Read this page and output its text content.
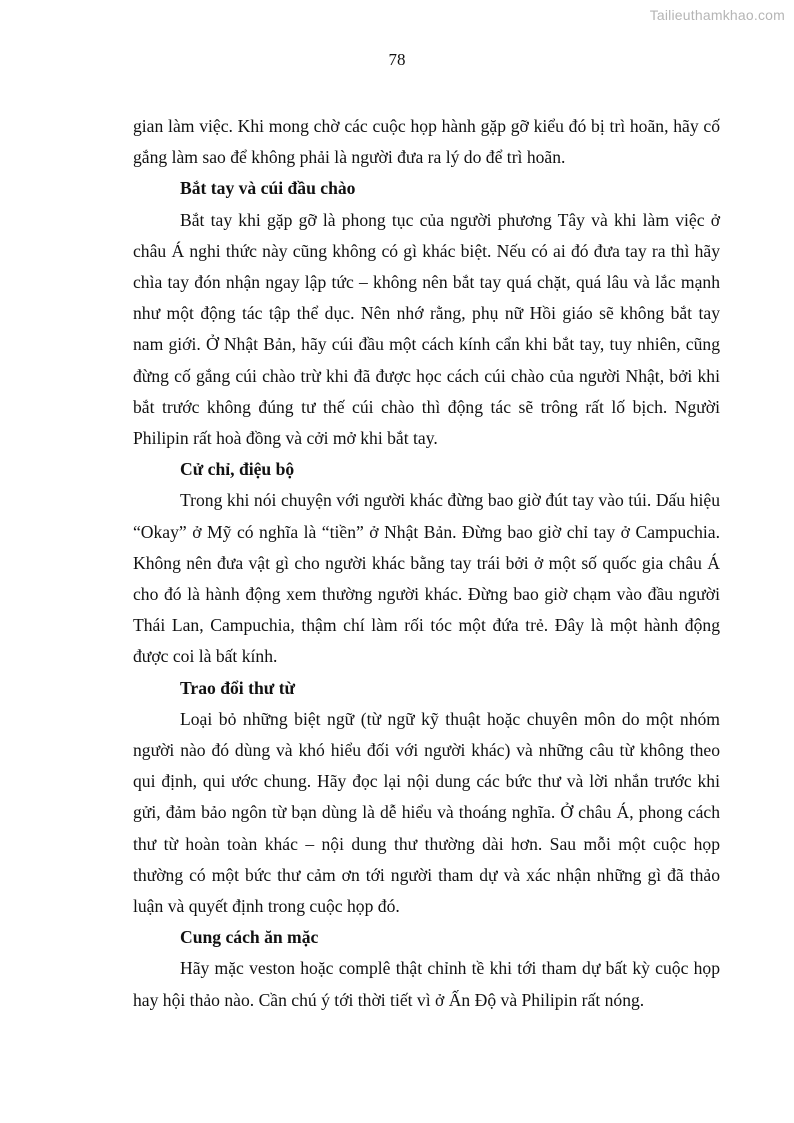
Tailieuthamkhao.com
78

gian làm việc. Khi mong chờ các cuộc họp hành gặp gỡ kiểu đó bị trì hoãn, hãy cố gắng làm sao để không phải là người đưa ra lý do để trì hoãn.

Bắt tay và cúi đầu chào

Bắt tay khi gặp gỡ là phong tục của người phương Tây và khi làm việc ở châu Á nghi thức này cũng không có gì khác biệt. Nếu có ai đó đưa tay ra thì hãy chìa tay đón nhận ngay lập tức – không nên bắt tay quá chặt, quá lâu và lắc mạnh như một động tác tập thể dục. Nên nhớ rằng, phụ nữ Hồi giáo sẽ không bắt tay nam giới. Ở Nhật Bản, hãy cúi đầu một cách kính cẩn khi bắt tay, tuy nhiên, cũng đừng cố gắng cúi chào trừ khi đã được học cách cúi chào của người Nhật, bởi khi bắt trước không đúng tư thế cúi chào thì động tác sẽ trông rất lố bịch. Người Philipin rất hoà đồng và cởi mở khi bắt tay.

Cử chỉ, điệu bộ

Trong khi nói chuyện với người khác đừng bao giờ đút tay vào túi. Dấu hiệu “Okay” ở Mỹ có nghĩa là “tiền” ở Nhật Bản. Đừng bao giờ chỉ tay ở Campuchia. Không nên đưa vật gì cho người khác bằng tay trái bởi ở một số quốc gia châu Á cho đó là hành động xem thường người khác. Đừng bao giờ chạm vào đầu người Thái Lan, Campuchia, thậm chí làm rối tóc một đứa trẻ. Đây là một hành động được coi là bất kính.

Trao đổi thư từ

Loại bỏ những biệt ngữ (từ ngữ kỹ thuật hoặc chuyên môn do một nhóm người nào đó dùng và khó hiểu đối với người khác) và những câu từ không theo qui định, qui ước chung. Hãy đọc lại nội dung các bức thư và lời nhắn trước khi gửi, đảm bảo ngôn từ bạn dùng là dễ hiểu và thoáng nghĩa. Ở châu Á, phong cách thư từ hoàn toàn khác – nội dung thư thường dài hơn. Sau mỗi một cuộc họp thường có một bức thư cảm ơn tới người tham dự và xác nhận những gì đã thảo luận và quyết định trong cuộc họp đó.

Cung cách ăn mặc

Hãy mặc veston hoặc complê thật chỉnh tề khi tới tham dự bất kỳ cuộc họp hay hội thảo nào. Cần chú ý tới thời tiết vì ở Ấn Độ và Philipin rất nóng.
